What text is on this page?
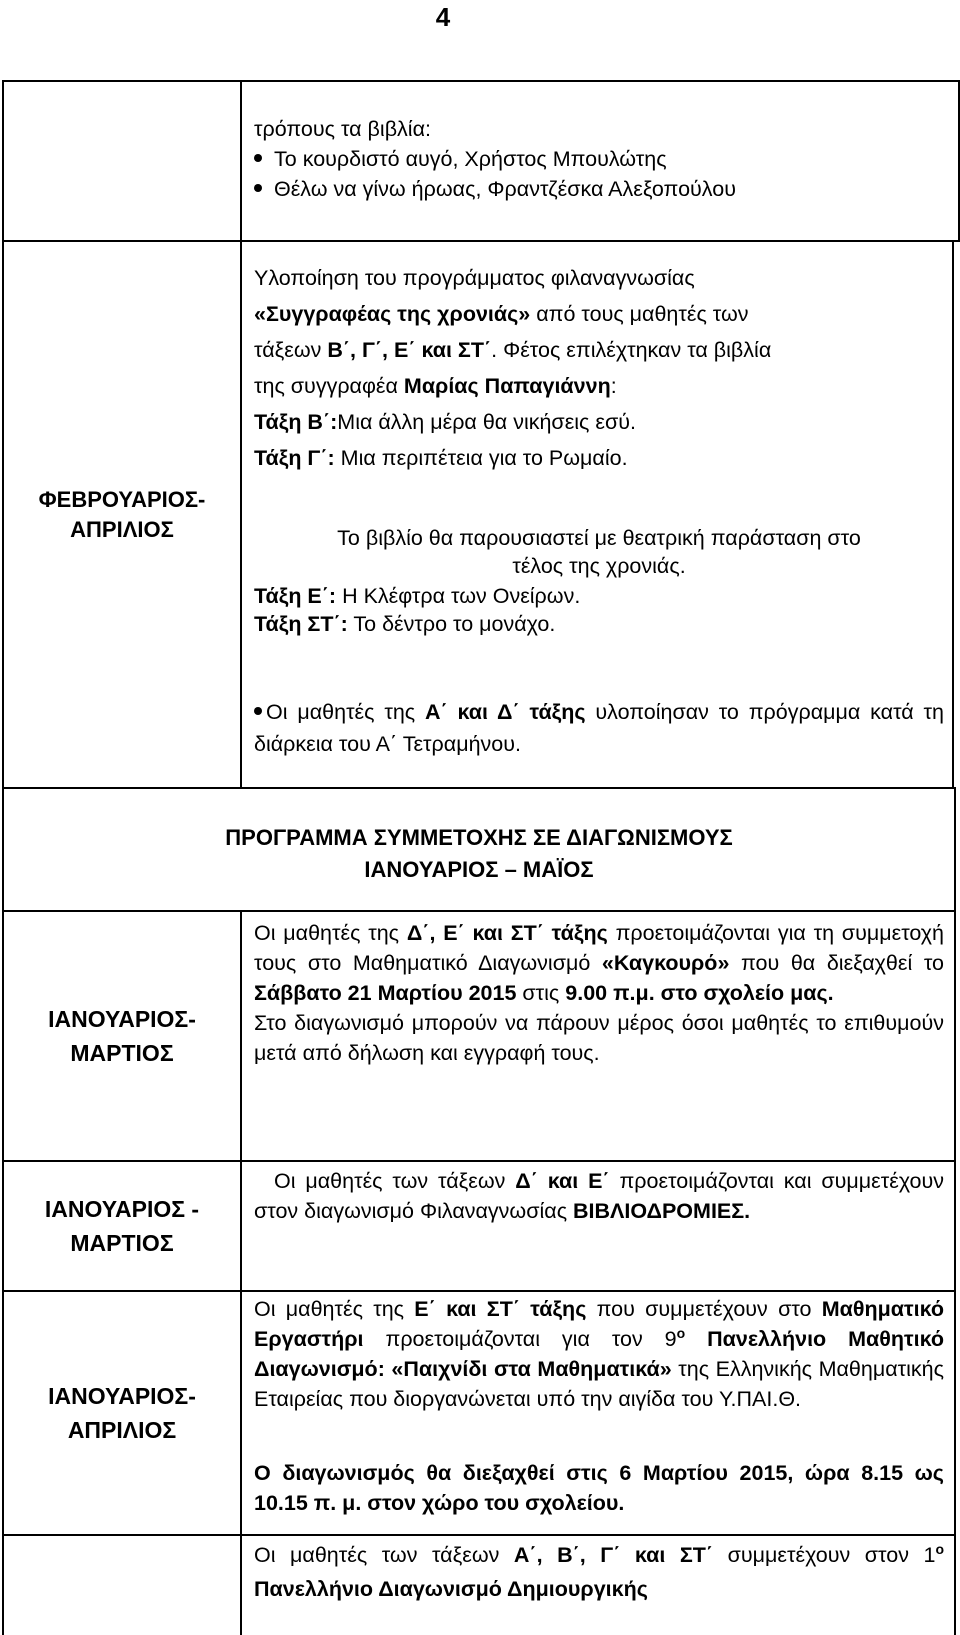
4

τρόπους τα βιβλία:

Το κουρδιστό αυγό, Χρήστος Μπουλώτης

Θέλω να γίνω ήρωας, Φραντζέσκα Αλεξοπούλου

ΦΕΒΡΟΥΑΡΙΟΣ- ΑΠΡΙΛΙΟΣ

Υλοποίηση του προγράμματος φιλαναγνωσίας

«Συγγραφέας της χρονιάς» από τους μαθητές των

τάξεων Β΄, Γ΄, Ε΄ και ΣΤ΄. Φέτος επιλέχτηκαν τα βιβλία

της συγγραφέα Μαρίας Παπαγιάννη:

Τάξη Β΄:Μια άλλη μέρα θα νικήσεις εσύ.

Τάξη Γ΄: Μια περιπέτεια για το Ρωμαίο.

Το βιβλίο θα παρουσιαστεί με θεατρική παράσταση στο

τέλος της χρονιάς.

Τάξη Ε΄: Η Κλέφτρα των Ονείρων.

Τάξη ΣΤ΄: Το δέντρο το μονάχο.

Οι μαθητές της Α΄ και Δ΄ τάξης υλοποίησαν το πρόγραμμα κατά τη διάρκεια του Α΄ Τετραμήνου.

ΠΡΟΓΡΑΜΜΑ ΣΥΜΜΕΤΟΧΗΣ ΣΕ ΔΙΑΓΩΝΙΣΜΟΥΣ

ΙΑΝΟΥΑΡΙΟΣ – ΜΑΪΟΣ

ΙΑΝΟΥΑΡΙΟΣ- ΜΑΡΤΙΟΣ
Οι μαθητές της Δ΄, Ε΄ και ΣΤ΄ τάξης προετοιμάζονται για τη συμμετοχή τους στο Μαθηματικό Διαγωνισμό «Καγκουρό» που θα διεξαχθεί το Σάββατο 21 Μαρτίου 2015 στις 9.00 π.μ. στο σχολείο μας.

Στο διαγωνισμό μπορούν να πάρουν μέρος όσοι μαθητές το επιθυμούν μετά από δήλωση και εγγραφή τους.

ΙΑΝΟΥΑΡΙΟΣ - ΜΑΡΤΙΟΣ
Οι μαθητές των τάξεων Δ΄ και Ε΄ προετοιμάζονται και συμμετέχουν στον διαγωνισμό Φιλαναγνωσίας ΒΙΒΛΙΟΔΡΟΜΙΕΣ.
ΙΑΝΟΥΑΡΙΟΣ- ΑΠΡΙΛΙΟΣ
Οι μαθητές της Ε΄ και ΣΤ΄ τάξης που συμμετέχουν στο Μαθηματικό Εργαστήρι προετοιμάζονται για τον $9^o$ Πανελλήνιο Μαθητικό Διαγωνισμό: «Παιχνίδι στα Μαθηματικά» της Ελληνικής Μαθηματικής Εταιρείας που διοργανώνεται υπό την αιγίδα του Υ.ΠΑΙ.Θ.
Ο διαγωνισμός θα διεξαχθεί στις 6 Μαρτίου 2015, ώρα 8.15 ως 10.15 π. μ. στον χώρο του σχολείου.
Οι μαθητές των τάξεων Α΄, Β΄, Γ΄ και ΣΤ΄ συμμετέχουν στον $1^o$ Πανελλήνιο Διαγωνισμό Δημιουργικής
